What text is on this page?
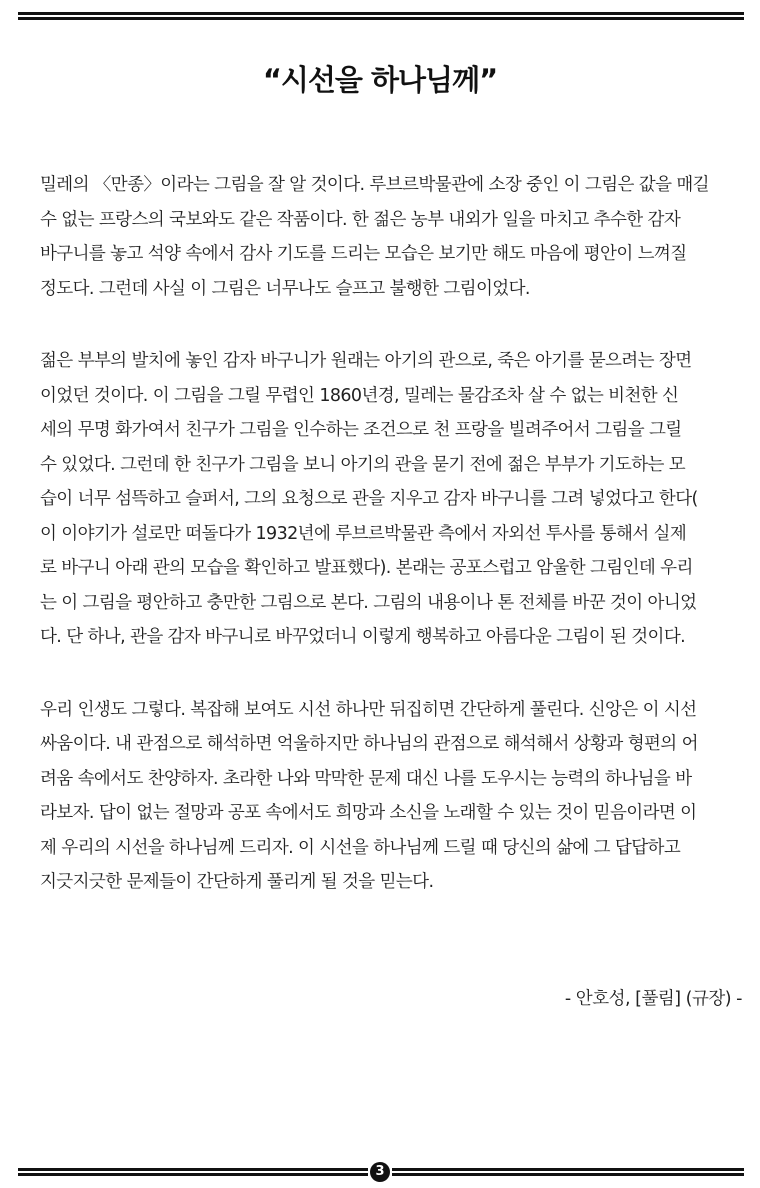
“시선을 하나님께”
밀레의 〈만종〉이라는 그림을 잘 알 것이다. 루브르박물관에 소장 중인 이 그림은 값을 매길
수 없는 프랑스의 국보와도 같은 작품이다. 한 젊은 농부 내외가 일을 마치고 추수한 감자
바구니를 놓고 석양 속에서 감사 기도를 드리는 모습은 보기만 해도 마음에 평안이 느껴질
정도다. 그런데 사실 이 그림은 너무나도 슬프고 불행한 그림이었다.
젊은 부부의 발치에 놓인 감자 바구니가 원래는 아기의 관으로, 죽은 아기를 묻으려는 장면
이었던 것이다. 이 그림을 그릴 무렵인 1860년경, 밀레는 물감조차 살 수 없는 비천한 신
세의 무명 화가여서 친구가 그림을 인수하는 조건으로 천 프랑을 빌려주어서 그림을 그릴
수 있었다. 그런데 한 친구가 그림을 보니 아기의 관을 묻기 전에 젊은 부부가 기도하는 모
습이 너무 섬뜩하고 슬퍼서, 그의 요청으로 관을 지우고 감자 바구니를 그려 넣었다고 한다(
이 이야기가 설로만 떠돌다가 1932년에 루브르박물관 측에서 자외선 투사를 통해서 실제
로 바구니 아래 관의 모습을 확인하고 발표했다). 본래는 공포스럽고 암울한 그림인데 우리
는 이 그림을 평안하고 충만한 그림으로 본다. 그림의 내용이나 톤 전체를 바꾼 것이 아니었
다. 단 하나, 관을 감자 바구니로 바꾸었더니 이렇게 행복하고 아름다운 그림이 된 것이다.
우리 인생도 그렇다. 복잡해 보여도 시선 하나만 뒤집히면 간단하게 풀린다. 신앙은 이 시선
싸움이다. 내 관점으로 해석하면 억울하지만 하나님의 관점으로 해석해서 상황과 형편의 어
려움 속에서도 찬양하자. 초라한 나와 막막한 문제 대신 나를 도우시는 능력의 하나님을 바
라보자. 답이 없는 절망과 공포 속에서도 희망과 소신을 노래할 수 있는 것이 믿음이라면 이
제 우리의 시선을 하나님께 드리자. 이 시선을 하나님께 드릴 때 당신의 삶에 그 답답하고
지긋지긋한 문제들이 간단하게 풀리게 될 것을 믿는다.
- 안호성, [풀림] (규장) -
3
